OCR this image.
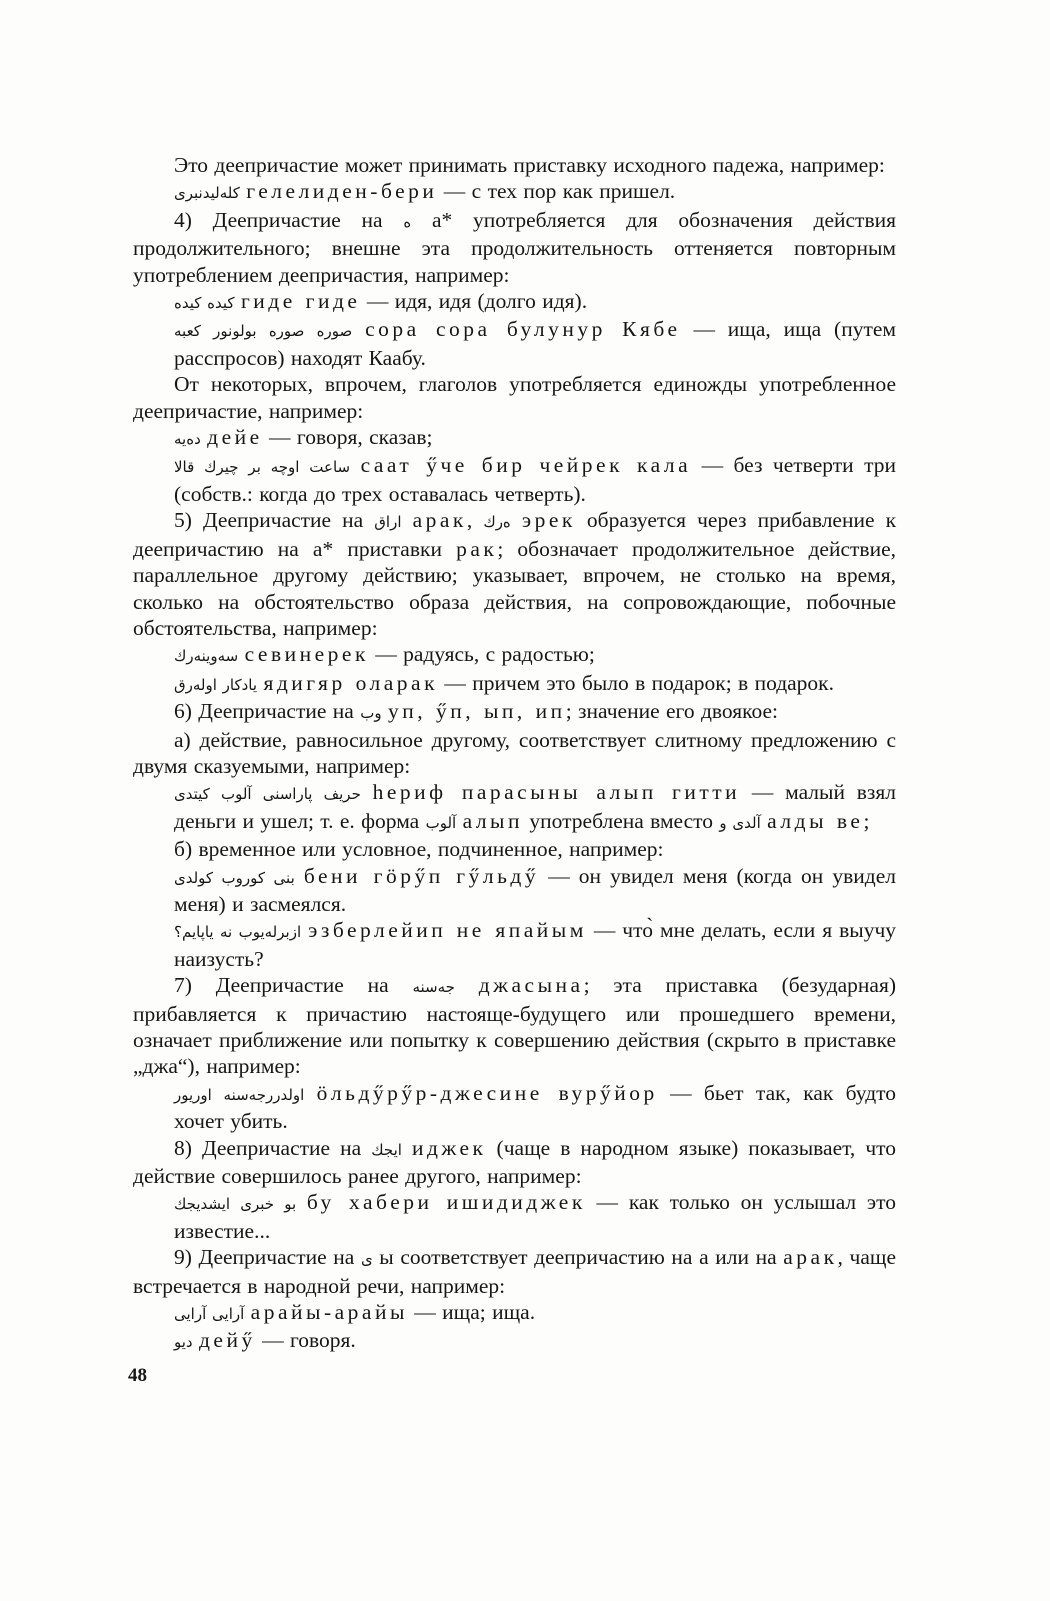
Это деепричастие может принимать приставку исходного падежа, например:

كله‌ليدنبرى гелелиден-бери — с тех пор как пришел.

4) Деепричастие на ه а* употребляется для обозначения действия продолжительного; внешне эта продолжительность оттеняется повторным употреблением деепричастия, например:

كيده كيده гиде гиде — идя, идя (долго идя).

صوره صوره بولونور كعبه сора сора булунур Кябе — ища, ища (путем расспросов) находят Каабу.

От некоторых, впрочем, глаголов употребляется единожды употребленное деепричастие, например:

دەيه дейе — говоря, сказав;

ساعت اوچه بر چيرك قالا саат ӳче бир чейрек кала — без четверти три (собств.: когда до трех оставалась четверть).

5) Деепричастие на اراق арак, ەرك эрек образуется через прибавление к деепричастию на а* приставки рак; обозначает продолжительное действие, параллельное другому действию; указывает, впрочем, не столько на время, сколько на обстоятельство образа действия, на сопровождающие, побочные обстоятельства, например:

سەوينەرك севинерек — радуясь, с радостью;

يادكار اولەرق ядигяр оларак — причем это было в подарок; в подарок.

6) Деепричастие на وب уп, ӳп, ып, ип; значение его двоякое:

а) действие, равносильное другому, соответствует слитному предложению с двумя сказуемыми, например:

حريف پاراسنى آلوب كيتدى һериф парасыны алып гитти — малый взял деньги и ушел; т. е. форма آلوب алып употреблена вместо آلدى و алды ве;

б) временное или условное, подчиненное, например:

بنى كوروب كولدى бени гӧрӳп гӳльдӳ — он увидел меня (когда он увидел меня) и засмеялся.

ازبرلەيوب نه ياپايم؟ эзберлейип не япайым — что̀ мне делать, если я выучу наизусть?

7) Деепричастие на جەسنه джасына; эта приставка (безударная) прибавляется к причастию настояще-будущего или прошедшего времени, означает приближение или попытку к совершению действия (скрыто в приставке „джа“), например:

اولدررجەسنه اوريور ӧльдӳрӳр-джесине вурӳйор — бьет так, как будто хочет убить.

8) Деепричастие на ايجك иджек (чаще в народном языке) показывает, что действие совершилось ранее другого, например:

بو خبرى ايشديجك бу хабери ишидиджек — как только он услышал это известие...

9) Деепричастие на ى ы соответствует деепричастию на а или на арак, чаще встречается в народной речи, например:

آرايى آرايى арайы-арайы — ища; ища.

ديو дейӳ — говоря.

48
